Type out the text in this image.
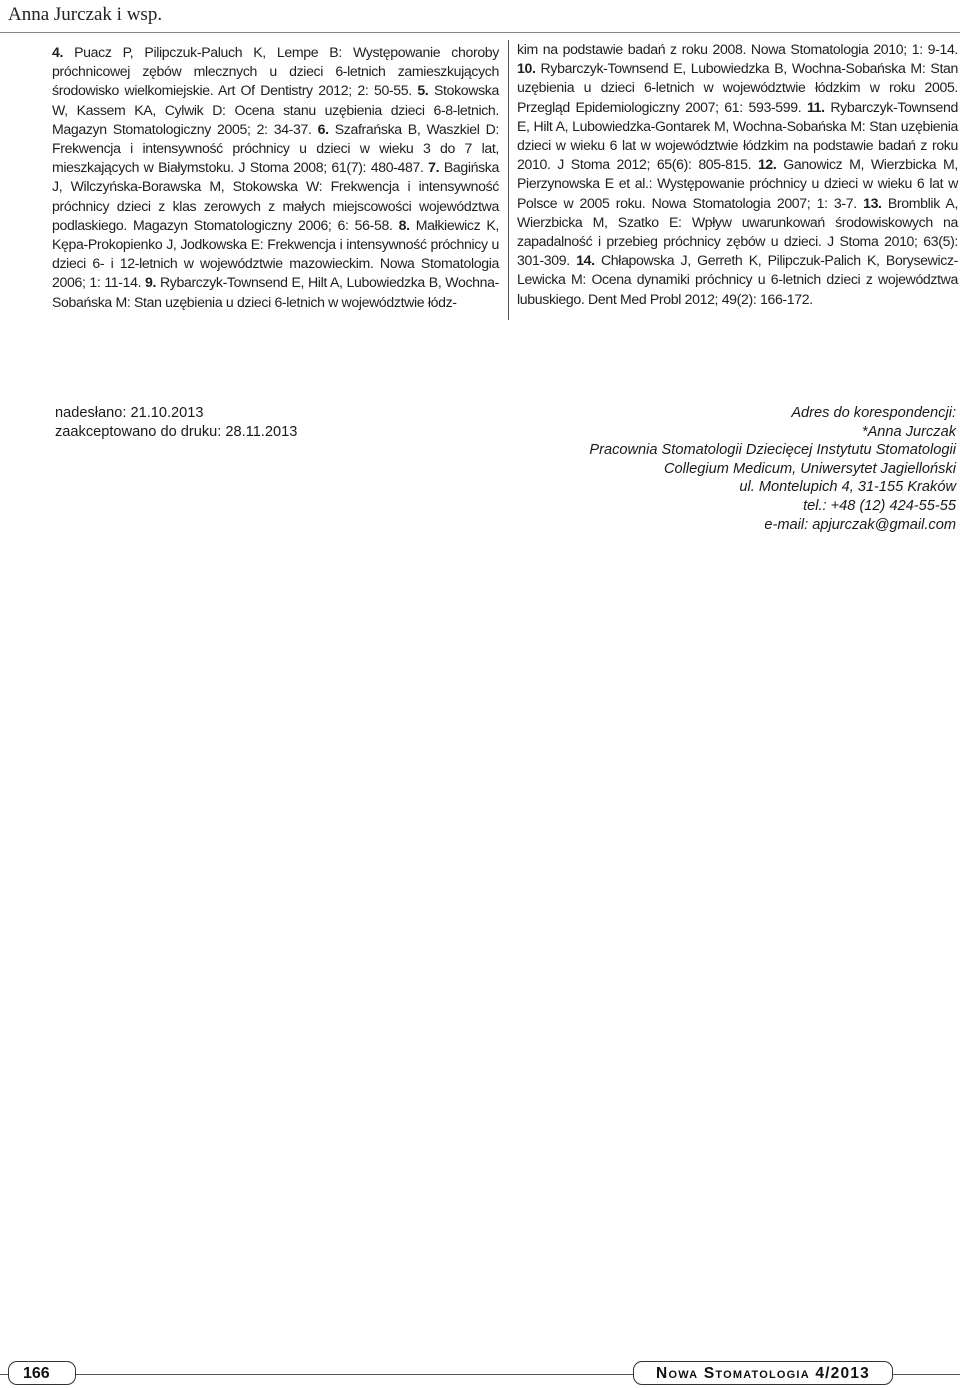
Anna Jurczak i wsp.
4. Puacz P, Pilipczuk-Paluch K, Lempe B: Występowanie choroby próchnicowej zębów mlecznych u dzieci 6-letnich zamieszkujących środowisko wielkomiejskie. Art Of Dentistry 2012; 2: 50-55. 5. Stokowska W, Kassem KA, Cylwik D: Ocena stanu uzębienia dzieci 6-8-letnich. Magazyn Stomatologiczny 2005; 2: 34-37. 6. Szafrańska B, Waszkiel D: Frekwencja i intensywność próchnicy u dzieci w wieku 3 do 7 lat, mieszkających w Białymstoku. J Stoma 2008; 61(7): 480-487. 7. Bagińska J, Wilczyńska-Borawska M, Stokowska W: Frekwencja i intensywność próchnicy dzieci z klas zerowych z małych miejscowości województwa podlaskiego. Magazyn Stomatologiczny 2006; 6: 56-58. 8. Małkiewicz K, Kępa-Prokopienko J, Jodkowska E: Frekwencja i intensywność próchnicy u dzieci 6- i 12-letnich w województwie mazowieckim. Nowa Stomatologia 2006; 1: 11-14. 9. Rybarczyk-Townsend E, Hilt A, Lubowiedzka B, Wochna-Sobańska M: Stan uzębienia u dzieci 6-letnich w województwie łódz-
kim na podstawie badań z roku 2008. Nowa Stomatologia 2010; 1: 9-14. 10. Rybarczyk-Townsend E, Lubowiedzka B, Wochna-Sobańska M: Stan uzębienia u dzieci 6-letnich w województwie łódzkim w roku 2005. Przegląd Epidemiologiczny 2007; 61: 593-599. 11. Rybarczyk-Townsend E, Hilt A, Lubowiedzka-Gontarek M, Wochna-Sobańska M: Stan uzębienia dzieci w wieku 6 lat w województwie łódzkim na podstawie badań z roku 2010. J Stoma 2012; 65(6): 805-815. 12. Ganowicz M, Wierzbicka M, Pierzynowska E et al.: Występowanie próchnicy u dzieci w wieku 6 lat w Polsce w 2005 roku. Nowa Stomatologia 2007; 1: 3-7. 13. Bromblik A, Wierzbicka M, Szatko E: Wpływ uwarunkowań środowiskowych na zapadalność i przebieg próchnicy zębów u dzieci. J Stoma 2010; 63(5): 301-309. 14. Chłapowska J, Gerreth K, Pilipczuk-Palich K, Borysewicz-Lewicka M: Ocena dynamiki próchnicy u 6-letnich dzieci z województwa lubuskiego. Dent Med Probl 2012; 49(2): 166-172.
nadesłano: 21.10.2013
zaakceptowano do druku: 28.11.2013
Adres do korespondencji:
*Anna Jurczak
Pracownia Stomatologii Dziecięcej Instytutu Stomatologii
Collegium Medicum, Uniwersytet Jagielloński
ul. Montelupich 4, 31-155 Kraków
tel.: +48 (12) 424-55-55
e-mail: apjurczak@gmail.com
166	Nowa Stomatologia 4/2013
